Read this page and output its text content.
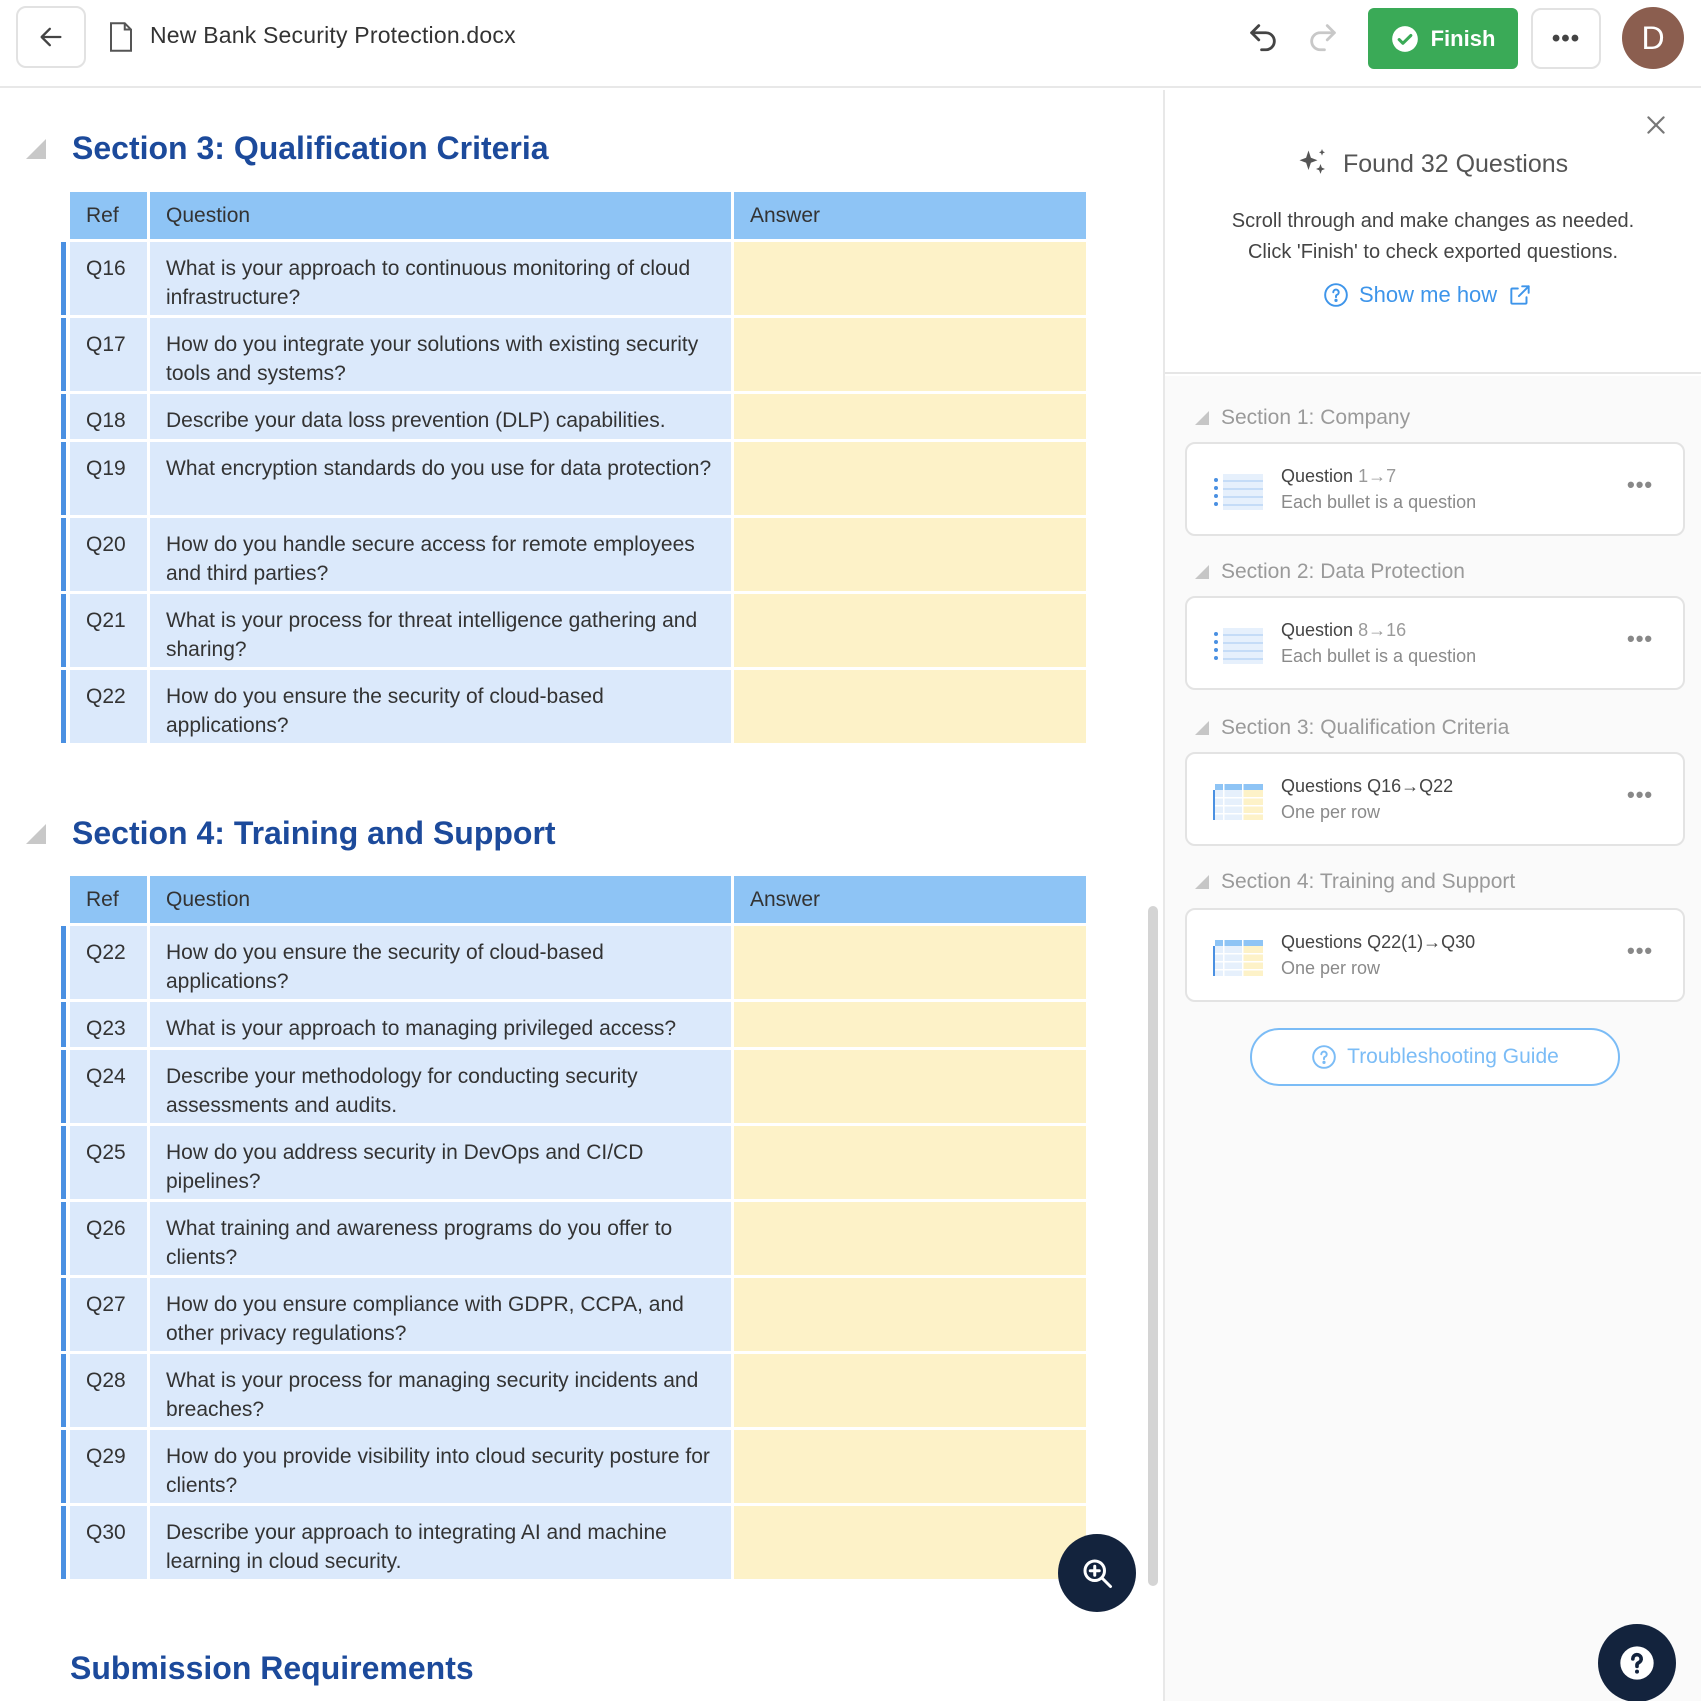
New Bank Security Protection.docx	Finish	•••	D
Section 3: Qualification Criteria
Ref	Question	Answer
Q16	What is your approach to continuous monitoring of cloud infrastructure?	
Q17	How do you integrate your solutions with existing security tools and systems?	
Q18	Describe your data loss prevention (DLP) capabilities.	
Q19	What encryption standards do you use for data protection?	
Q20	How do you handle secure access for remote employees and third parties?	
Q21	What is your process for threat intelligence gathering and sharing?	
Q22	How do you ensure the security of cloud-based applications?	
Section 4: Training and Support
Ref	Question	Answer
Q22	How do you ensure the security of cloud-based applications?	
Q23	What is your approach to managing privileged access?	
Q24	Describe your methodology for conducting security assessments and audits.	
Q25	How do you address security in DevOps and CI/CD pipelines?	
Q26	What training and awareness programs do you offer to clients?	
Q27	How do you ensure compliance with GDPR, CCPA, and other privacy regulations?	
Q28	What is your process for managing security incidents and breaches?	
Q29	How do you provide visibility into cloud security posture for clients?	
Q30	Describe your approach to integrating AI and machine learning in cloud security.	
Submission Requirements
Found 32 Questions
Scroll through and make changes as needed.
Click 'Finish' to check exported questions.
Show me how
Section 1: Company
Question 1→7
Each bullet is a question
•••
Section 2: Data Protection
Question 8→16
Each bullet is a question
•••
Section 3: Qualification Criteria
Questions Q16→Q22
One per row
•••
Section 4: Training and Support
Questions Q22(1)→Q30
One per row
•••
Troubleshooting Guide
